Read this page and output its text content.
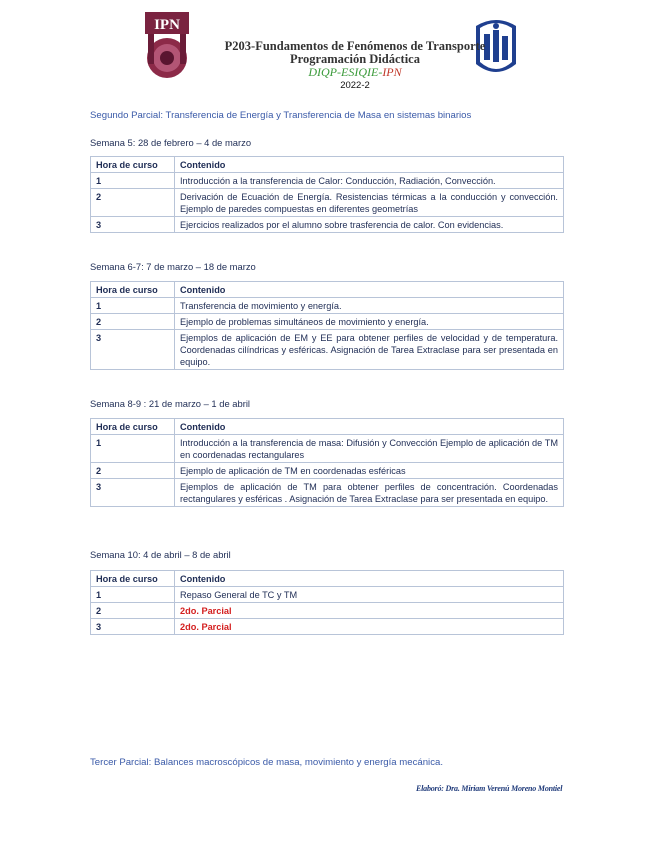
IPN
P203-Fundamentos de Fenómenos de Transporte
Programación Didáctica
DIQP-ESIQIE-IPN
2022-2
Segundo Parcial: Transferencia de Energía y Transferencia de Masa en sistemas binarios
Semana 5: 28 de febrero – 4 de marzo
Hora de curso	Contenido
1	Introducción a la transferencia de Calor: Conducción, Radiación, Convección.
2	Derivación de Ecuación de Energía. Resistencias térmicas a la conducción y convección. Ejemplo de paredes compuestas en diferentes geometrías
3	Ejercicios realizados por el alumno sobre trasferencia de calor. Con evidencias.
Semana 6-7: 7 de marzo – 18 de marzo
Hora de curso	Contenido
1	Transferencia de movimiento y energía.
2	Ejemplo de problemas simultáneos de movimiento y energía.
3	Ejemplos de aplicación de EM y EE para obtener perfiles de velocidad y de temperatura. Coordenadas cilíndricas y esféricas. Asignación de Tarea Extraclase para ser presentada en equipo.
Semana 8-9 : 21 de marzo – 1 de abril
Hora de curso	Contenido
1	Introducción a la transferencia de masa: Difusión y Convección Ejemplo de aplicación de TM en coordenadas rectangulares
2	Ejemplo de aplicación de TM en coordenadas esféricas
3	Ejemplos de aplicación de TM para obtener perfiles de concentración. Coordenadas rectangulares y esféricas . Asignación de Tarea Extraclase para ser presentada en equipo.
Semana 10: 4 de abril – 8 de abril
Hora de curso	Contenido
1	Repaso General de TC y TM
2	2do. Parcial
3	2do. Parcial
Tercer Parcial: Balances macroscópicos de masa, movimiento y energía mecánica.
Elaboró: Dra. Miriam Verenú Moreno Montiel
